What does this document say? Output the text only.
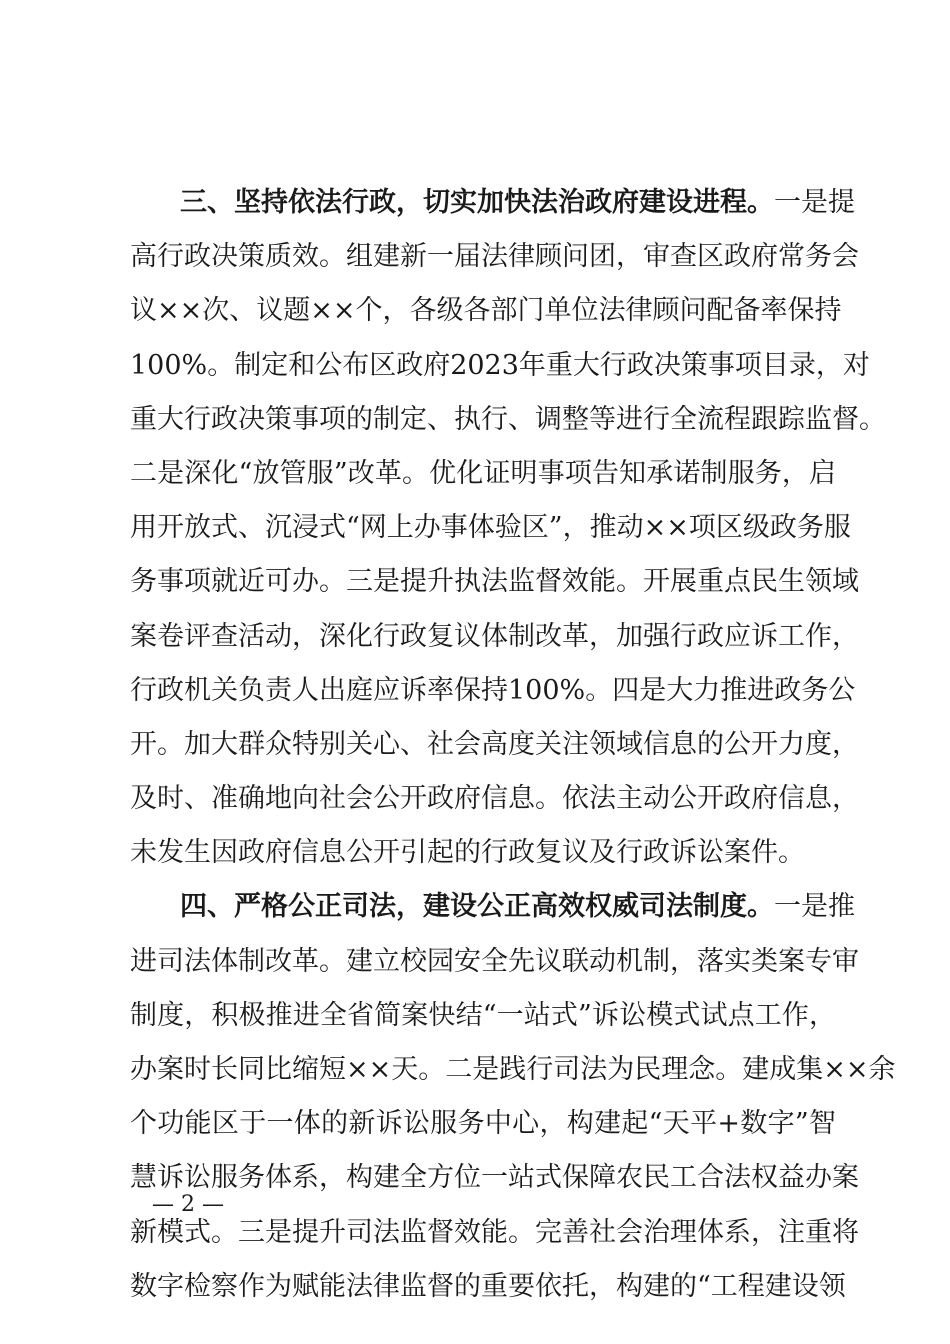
三、坚持依法行政，切实加快法治政府建设进程。一是提
高行政决策质效。组建新一届法律顾问团，审查区政府常务会
议××次、议题××个，各级各部门单位法律顾问配备率保持
100%。制定和公布区政府2023年重大行政决策事项目录，对
重大行政决策事项的制定、执行、调整等进行全流程跟踪监督。
二是深化“放管服”改革。优化证明事项告知承诺制服务，启
用开放式、沉浸式“网上办事体验区”，推动××项区级政务服
务事项就近可办。三是提升执法监督效能。开展重点民生领域
案卷评查活动，深化行政复议体制改革，加强行政应诉工作，
行政机关负责人出庭应诉率保持100%。四是大力推进政务公
开。加大群众特别关心、社会高度关注领域信息的公开力度，
及时、准确地向社会公开政府信息。依法主动公开政府信息，
未发生因政府信息公开引起的行政复议及行政诉讼案件。
四、严格公正司法，建设公正高效权威司法制度。一是推
进司法体制改革。建立校园安全先议联动机制，落实类案专审
制度，积极推进全省简案快结“一站式”诉讼模式试点工作，
办案时长同比缩短××天。二是践行司法为民理念。建成集××余
个功能区于一体的新诉讼服务中心，构建起“天平+数字”智
慧诉讼服务体系，构建全方位一站式保障农民工合法权益办案
新模式。三是提升司法监督效能。完善社会治理体系，注重将
数字检察作为赋能法律监督的重要依托，构建的“工程建设领
— 2 —
